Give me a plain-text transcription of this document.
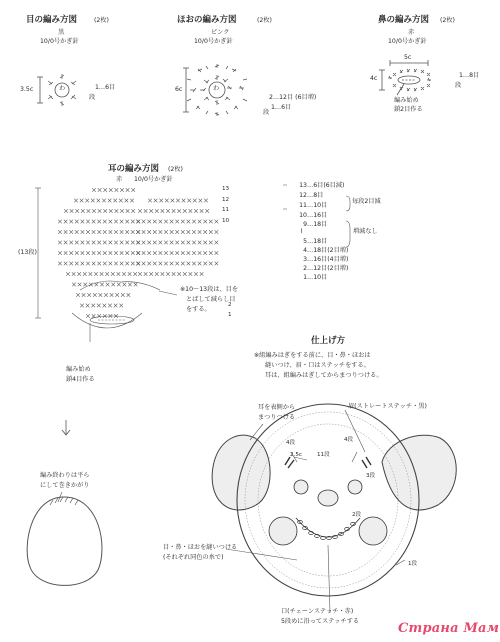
目の編み方図	(2枚)
黒
10/0号かぎ針
3.5c	わ	1…6目
段
ほおの編み方図	(2枚)
ピンク
10/0号かぎ針
6c	わ
2…12目 (6目増)
1…6目
段
鼻の編み方図 (2枚)
赤
10/0号かぎ針
5c
4c	1…8目
段
編み始め
鎖2目作る
耳の編み方図 (2枚)
赤 10/0号かぎ針
(13段)
13
12
11
10
2
1
※10〜13段は、目を
とばして減らし目
をする。
編み始め
鎖4目作る
13…6目(6目減)
12…8目
11…10目
10…16目
9…18目
5…18目
4…18目(2目増)
3…16目(4目増)
2…12目(2目増)
1…10目
毎段2目減
増減なし
⌇
仕上げ方
※組編みはぎをする前に、目・鼻・ほおは
縫いつけ、眉・口はステッチをする。
耳は、組編みはぎしてからまつりつける。
耳を表側から
まつりつける
眉(ストレートステッチ・黒)
4段	4段
2.5c	11段
3段
2段
1段
目・鼻・ほおを縫いつける
(それぞれ同色の糸で)
口(チェーンステッチ・赤)
5段めに沿ってステッチする
編み終わりは平ら
にして巻きかがり
Страна Мам
